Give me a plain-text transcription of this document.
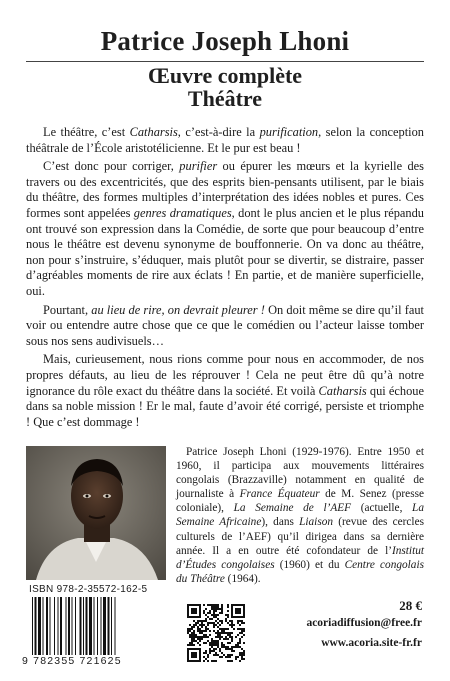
Patrice Joseph Lhoni
Œuvre complète
Théâtre

Le théâtre, c’est Catharsis, c’est-à-dire la purification, selon la conception théâtrale de l’École aristotélicienne. Et le pur est beau !

C’est donc pour corriger, purifier ou épurer les mœurs et la kyrielle des travers ou des excentricités, que des esprits bien-pensants utilisent, par le biais du théâtre, des formes multiples d’interprétation des idées nobles et pures. Ces formes sont appelées genres dramatiques, dont le plus ancien et le plus répandu ont trouvé son expression dans la Comédie, de sorte que pour beaucoup d’entre nous le théâtre est devenu synonyme de bouffonnerie. On va donc au théâtre, non pour s’instruire, s’éduquer, mais plutôt pour se divertir, se distraire, passer d’agréables moments de rire aux éclats ! En partie, et de manière superficielle, oui.

Pourtant, au lieu de rire, on devrait pleurer ! On doit même se dire qu’il faut voir ou entendre autre chose que ce que le comédien ou l’acteur laisse tomber sous nos sens audivisuels…

Mais, curieusement, nous rions comme pour nous en accommoder, de nos propres défauts, au lieu de les réprouver ! Cela ne peut être dû qu’à notre ignorance du rôle exact du théâtre dans la société. Et voilà Catharsis qui échoue dans sa noble mission ! Er le mal, faute d’avoir été corrigé, persiste et triomphe ! Que c’est dommage !

Patrice Joseph Lhoni (1929-1976). Entre 1950 et 1960, il participa aux mouvements littéraires congolais (Brazzaville) notamment en qualité de journaliste à France Équateur de M. Senez (presse coloniale), La Semaine de l’AEF (actuelle, La Semaine Africaine), dans Liaison (revue des cercles culturels de l’AEF) qu’il dirigea dans sa dernière année. Il a en outre été cofondateur de l’Institut d’Études congolaises (1960) et du Centre congolais du Théâtre (1964).

ISBN 978-2-35572-162-5
9 782355 721625
28 €
acoriadiffusion@free.fr
www.acoria.site-fr.fr
